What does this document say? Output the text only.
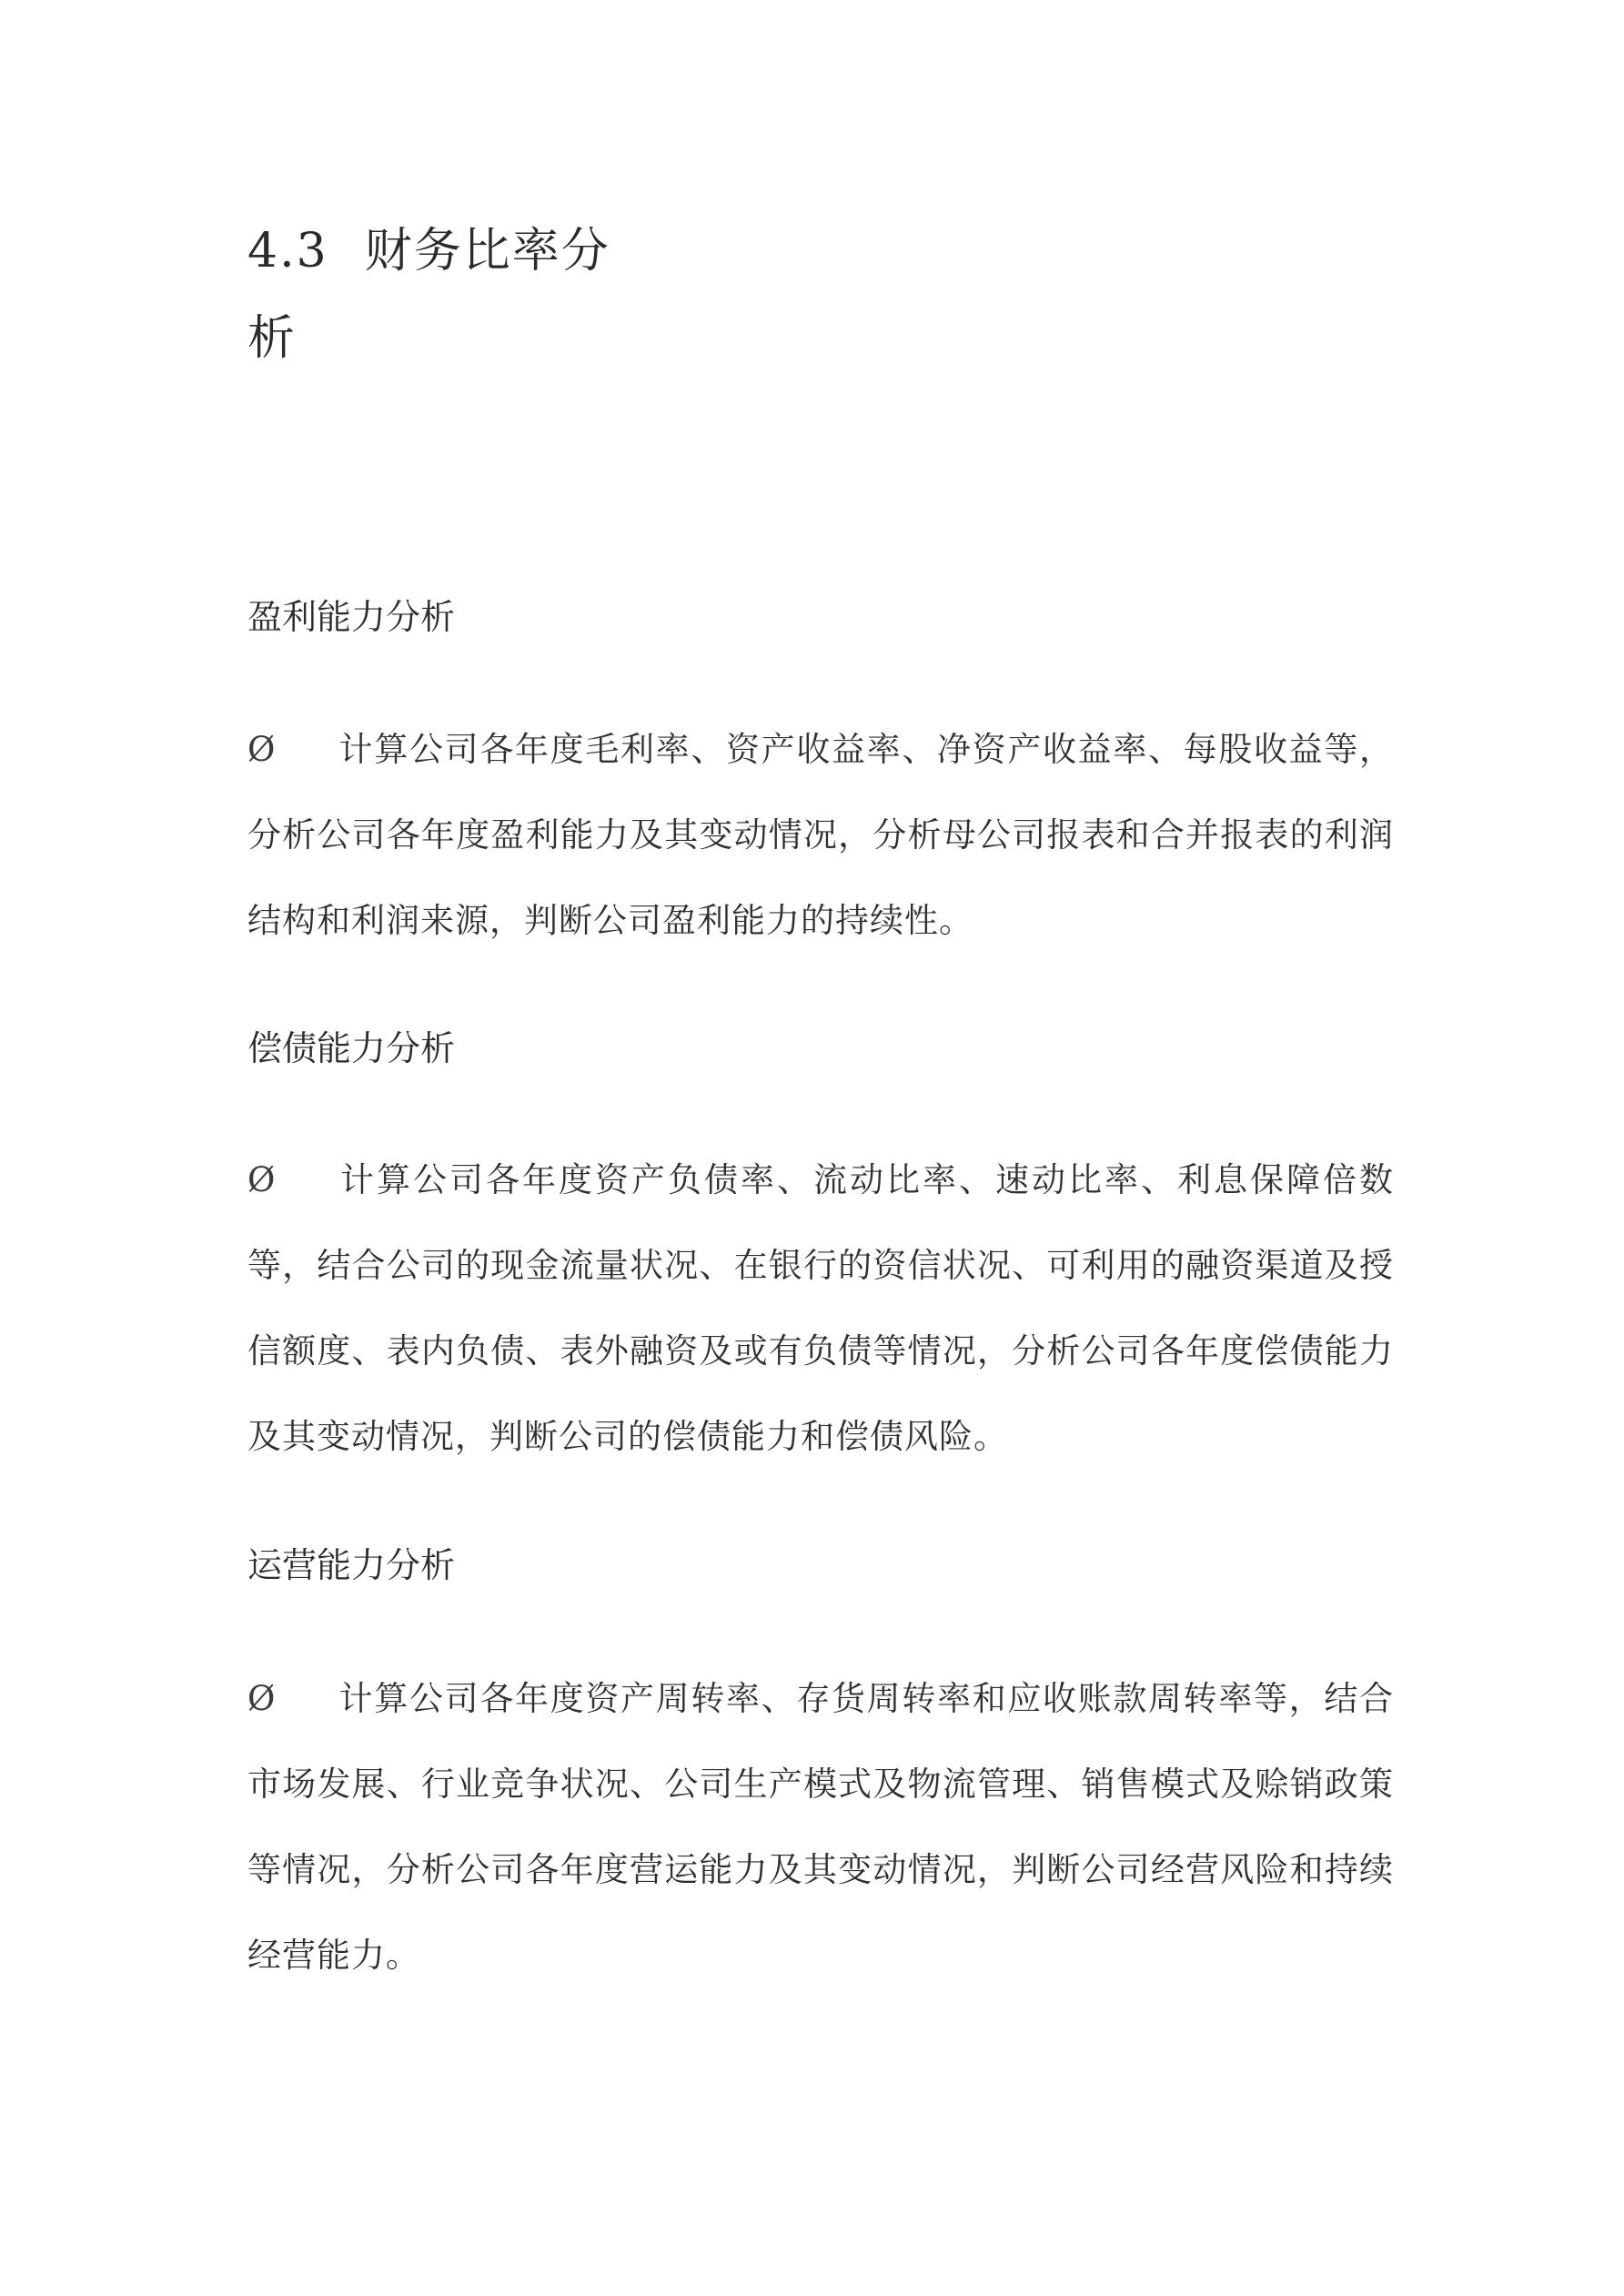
4.3 财务比率分析
盈利能力分析

Ø 计算公司各年度毛利率、资产收益率、净资产收益率、每股收益等，分析公司各年度盈利能力及其变动情况，分析母公司报表和合并报表的利润结构和利润来源，判断公司盈利能力的持续性。

偿债能力分析

Ø 计算公司各年度资产负债率、流动比率、速动比率、利息保障倍数等，结合公司的现金流量状况、在银行的资信状况、可利用的融资渠道及授信额度、表内负债、表外融资及或有负债等情况，分析公司各年度偿债能力及其变动情况，判断公司的偿债能力和偿债风险。

运营能力分析

Ø 计算公司各年度资产周转率、存货周转率和应收账款周转率等，结合市场发展、行业竞争状况、公司生产模式及物流管理、销售模式及赊销政策等情况，分析公司各年度营运能力及其变动情况，判断公司经营风险和持续经营能力。
